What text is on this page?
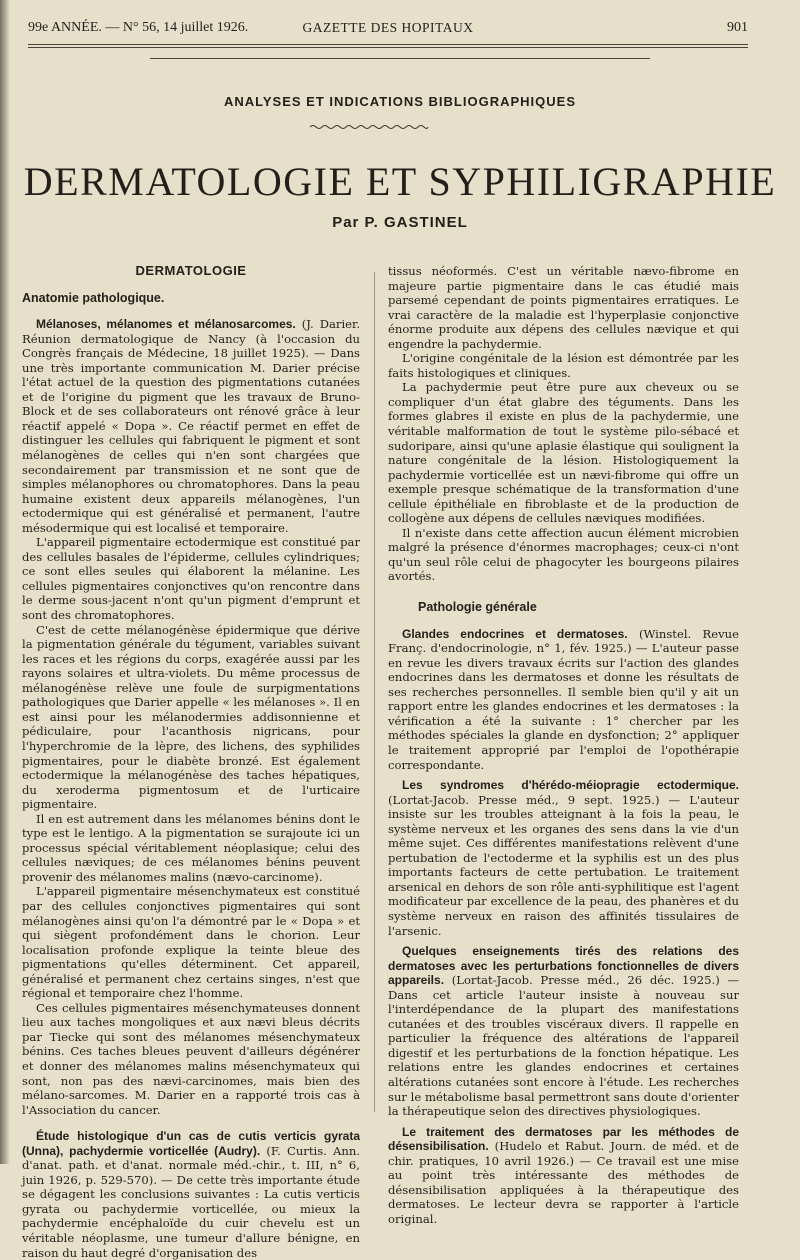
99e ANNÉE. — N° 56, 14 juillet 1926.	GAZETTE DES HOPITAUX	901
ANALYSES ET INDICATIONS BIBLIOGRAPHIQUES
DERMATOLOGIE ET SYPHILIGRAPHIE
Par P. GASTINEL
DERMATOLOGIE
Anatomie pathologique.

Mélanoses, mélanomes et mélanosarcomes. (J. Darier. Réunion dermatologique de Nancy (à l'occasion du Congrès français de Médecine, 18 juillet 1925). — Dans une très importante communication M. Darier précise l'état actuel de la question des pigmentations cutanées et de l'origine du pigment que les travaux de Bruno-Block et de ses collaborateurs ont rénové grâce à leur réactif appelé « Dopa ». Ce réactif permet en effet de distinguer les cellules qui fabriquent le pigment et sont mélanogènes de celles qui n'en sont chargées que secondairement par transmission et ne sont que de simples mélanophores ou chromatophores. Dans la peau humaine existent deux appareils mélanogènes, l'un ectodermique qui est généralisé et permanent, l'autre mésodermique qui est localisé et temporaire.

L'appareil pigmentaire ectodermique est constitué par des cellules basales de l'épiderme, cellules cylindriques; ce sont elles seules qui élaborent la mélanine. Les cellules pigmentaires conjonctives qu'on rencontre dans le derme sous-jacent n'ont qu'un pigment d'emprunt et sont des chromatophores.

C'est de cette mélanogénèse épidermique que dérive la pigmentation générale du tégument, variables suivant les races et les régions du corps, exagérée aussi par les rayons solaires et ultra-violets. Du même processus de mélanogénèse relève une foule de surpigmentations pathologiques que Darier appelle « les mélanoses ». Il en est ainsi pour les mélanodermies addisonnienne et pédiculaire, pour l'acanthosis nigricans, pour l'hyperchromie de la lèpre, des lichens, des syphilides pigmentaires, pour le diabète bronzé. Est également ectodermique la mélanogénèse des taches hépatiques, du xeroderma pigmentosum et de l'urticaire pigmentaire.

Il en est autrement dans les mélanomes bénins dont le type est le lentigo. A la pigmentation se surajoute ici un processus spécial véritablement néoplasique; celui des cellules næviques; de ces mélanomes bénins peuvent provenir des mélanomes malins (nævo-carcinome).

L'appareil pigmentaire mésenchymateux est constitué par des cellules conjonctives pigmentaires qui sont mélanogènes ainsi qu'on l'a démontré par le « Dopa » et qui siègent profondément dans le chorion. Leur localisation profonde explique la teinte bleue des pigmentations qu'elles déterminent. Cet appareil, généralisé et permanent chez certains singes, n'est que régional et temporaire chez l'homme.

Ces cellules pigmentaires mésenchymateuses donnent lieu aux taches mongoliques et aux nævi bleus décrits par Tiecke qui sont des mélanomes mésenchymateux bénins. Ces taches bleues peuvent d'ailleurs dégénérer et donner des mélanomes malins mésenchymateux qui sont, non pas des nævi-carcinomes, mais bien des mélano-sarcomes. M. Darier en a rapporté trois cas à l'Association du cancer.

Étude histologique d'un cas de cutis verticis gyrata (Unna), pachydermie vorticellée (Audry). (F. Curtis. Ann. d'anat. path. et d'anat. normale méd.-chir., t. III, n° 6, juin 1926, p. 529-570). — De cette très importante étude se dégagent les conclusions suivantes : La cutis verticis gyrata ou pachydermie vorticellée, ou mieux la pachydermie encéphaloïde du cuir chevelu est un véritable néoplasme, une tumeur d'allure bénigne, en raison du haut degré d'organisation des

tissus néoformés. C'est un véritable nævo-fibrome en majeure partie pigmentaire dans le cas étudié mais parsemé cependant de points pigmentaires erratiques. Le vrai caractère de la maladie est l'hyperplasie conjonctive énorme produite aux dépens des cellules nævique et qui engendre la pachydermie.

L'origine congénitale de la lésion est démontrée par les faits histologiques et cliniques.

La pachydermie peut être pure aux cheveux ou se compliquer d'un état glabre des téguments. Dans les formes glabres il existe en plus de la pachydermie, une véritable malformation de tout le système pilo-sébacé et sudoripare, ainsi qu'une aplasie élastique qui soulignent la nature congénitale de la lésion. Histologiquement la pachydermie vorticellée est un nævi-fibrome qui offre un exemple presque schématique de la transformation d'une cellule épithéliale en fibroblaste et de la production de collogène aux dépens de cellules næviques modifiées.

Il n'existe dans cette affection aucun élément microbien malgré la présence d'énormes macrophages; ceux-ci n'ont qu'un seul rôle celui de phagocyter les bourgeons pilaires avortés.

Pathologie générale

Glandes endocrines et dermatoses. (Winstel. Revue Franç. d'endocrinologie, n° 1, fév. 1925.) — L'auteur passe en revue les divers travaux écrits sur l'action des glandes endocrines dans les dermatoses et donne les résultats de ses recherches personnelles. Il semble bien qu'il y ait un rapport entre les glandes endocrines et les dermatoses : la vérification a été la suivante : 1° chercher par les méthodes spéciales la glande en dysfonction; 2° appliquer le traitement approprié par l'emploi de l'opothérapie correspondante.

Les syndromes d'hérédo-méiopragie ectodermique. (Lortat-Jacob. Presse méd., 9 sept. 1925.) — L'auteur insiste sur les troubles atteignant à la fois la peau, le système nerveux et les organes des sens dans la vie d'un même sujet. Ces différentes manifestations relèvent d'une pertubation de l'ectoderme et la syphilis est un des plus importants facteurs de cette pertubation. Le traitement arsenical en dehors de son rôle anti-syphilitique est l'agent modificateur par excellence de la peau, des phanères et du système nerveux en raison des affinités tissulaires de l'arsenic.

Quelques enseignements tirés des relations des dermatoses avec les perturbations fonctionnelles de divers appareils. (Lortat-Jacob. Presse méd., 26 déc. 1925.) — Dans cet article l'auteur insiste à nouveau sur l'interdépendance de la plupart des manifestations cutanées et des troubles viscéraux divers. Il rappelle en particulier la fréquence des altérations de l'appareil digestif et les perturbations de la fonction hépatique. Les relations entre les glandes endocrines et certaines altérations cutanées sont encore à l'étude. Les recherches sur le métabolisme basal permettront sans doute d'orienter la thérapeutique selon des directives physiologiques.

Le traitement des dermatoses par les méthodes de désensibilisation. (Hudelo et Rabut. Journ. de méd. et de chir. pratiques, 10 avril 1926.) — Ce travail est une mise au point très intéressante des méthodes de désensibilisation appliquées à la thérapeutique des dermatoses. Le lecteur devra se rapporter à l'article original.
